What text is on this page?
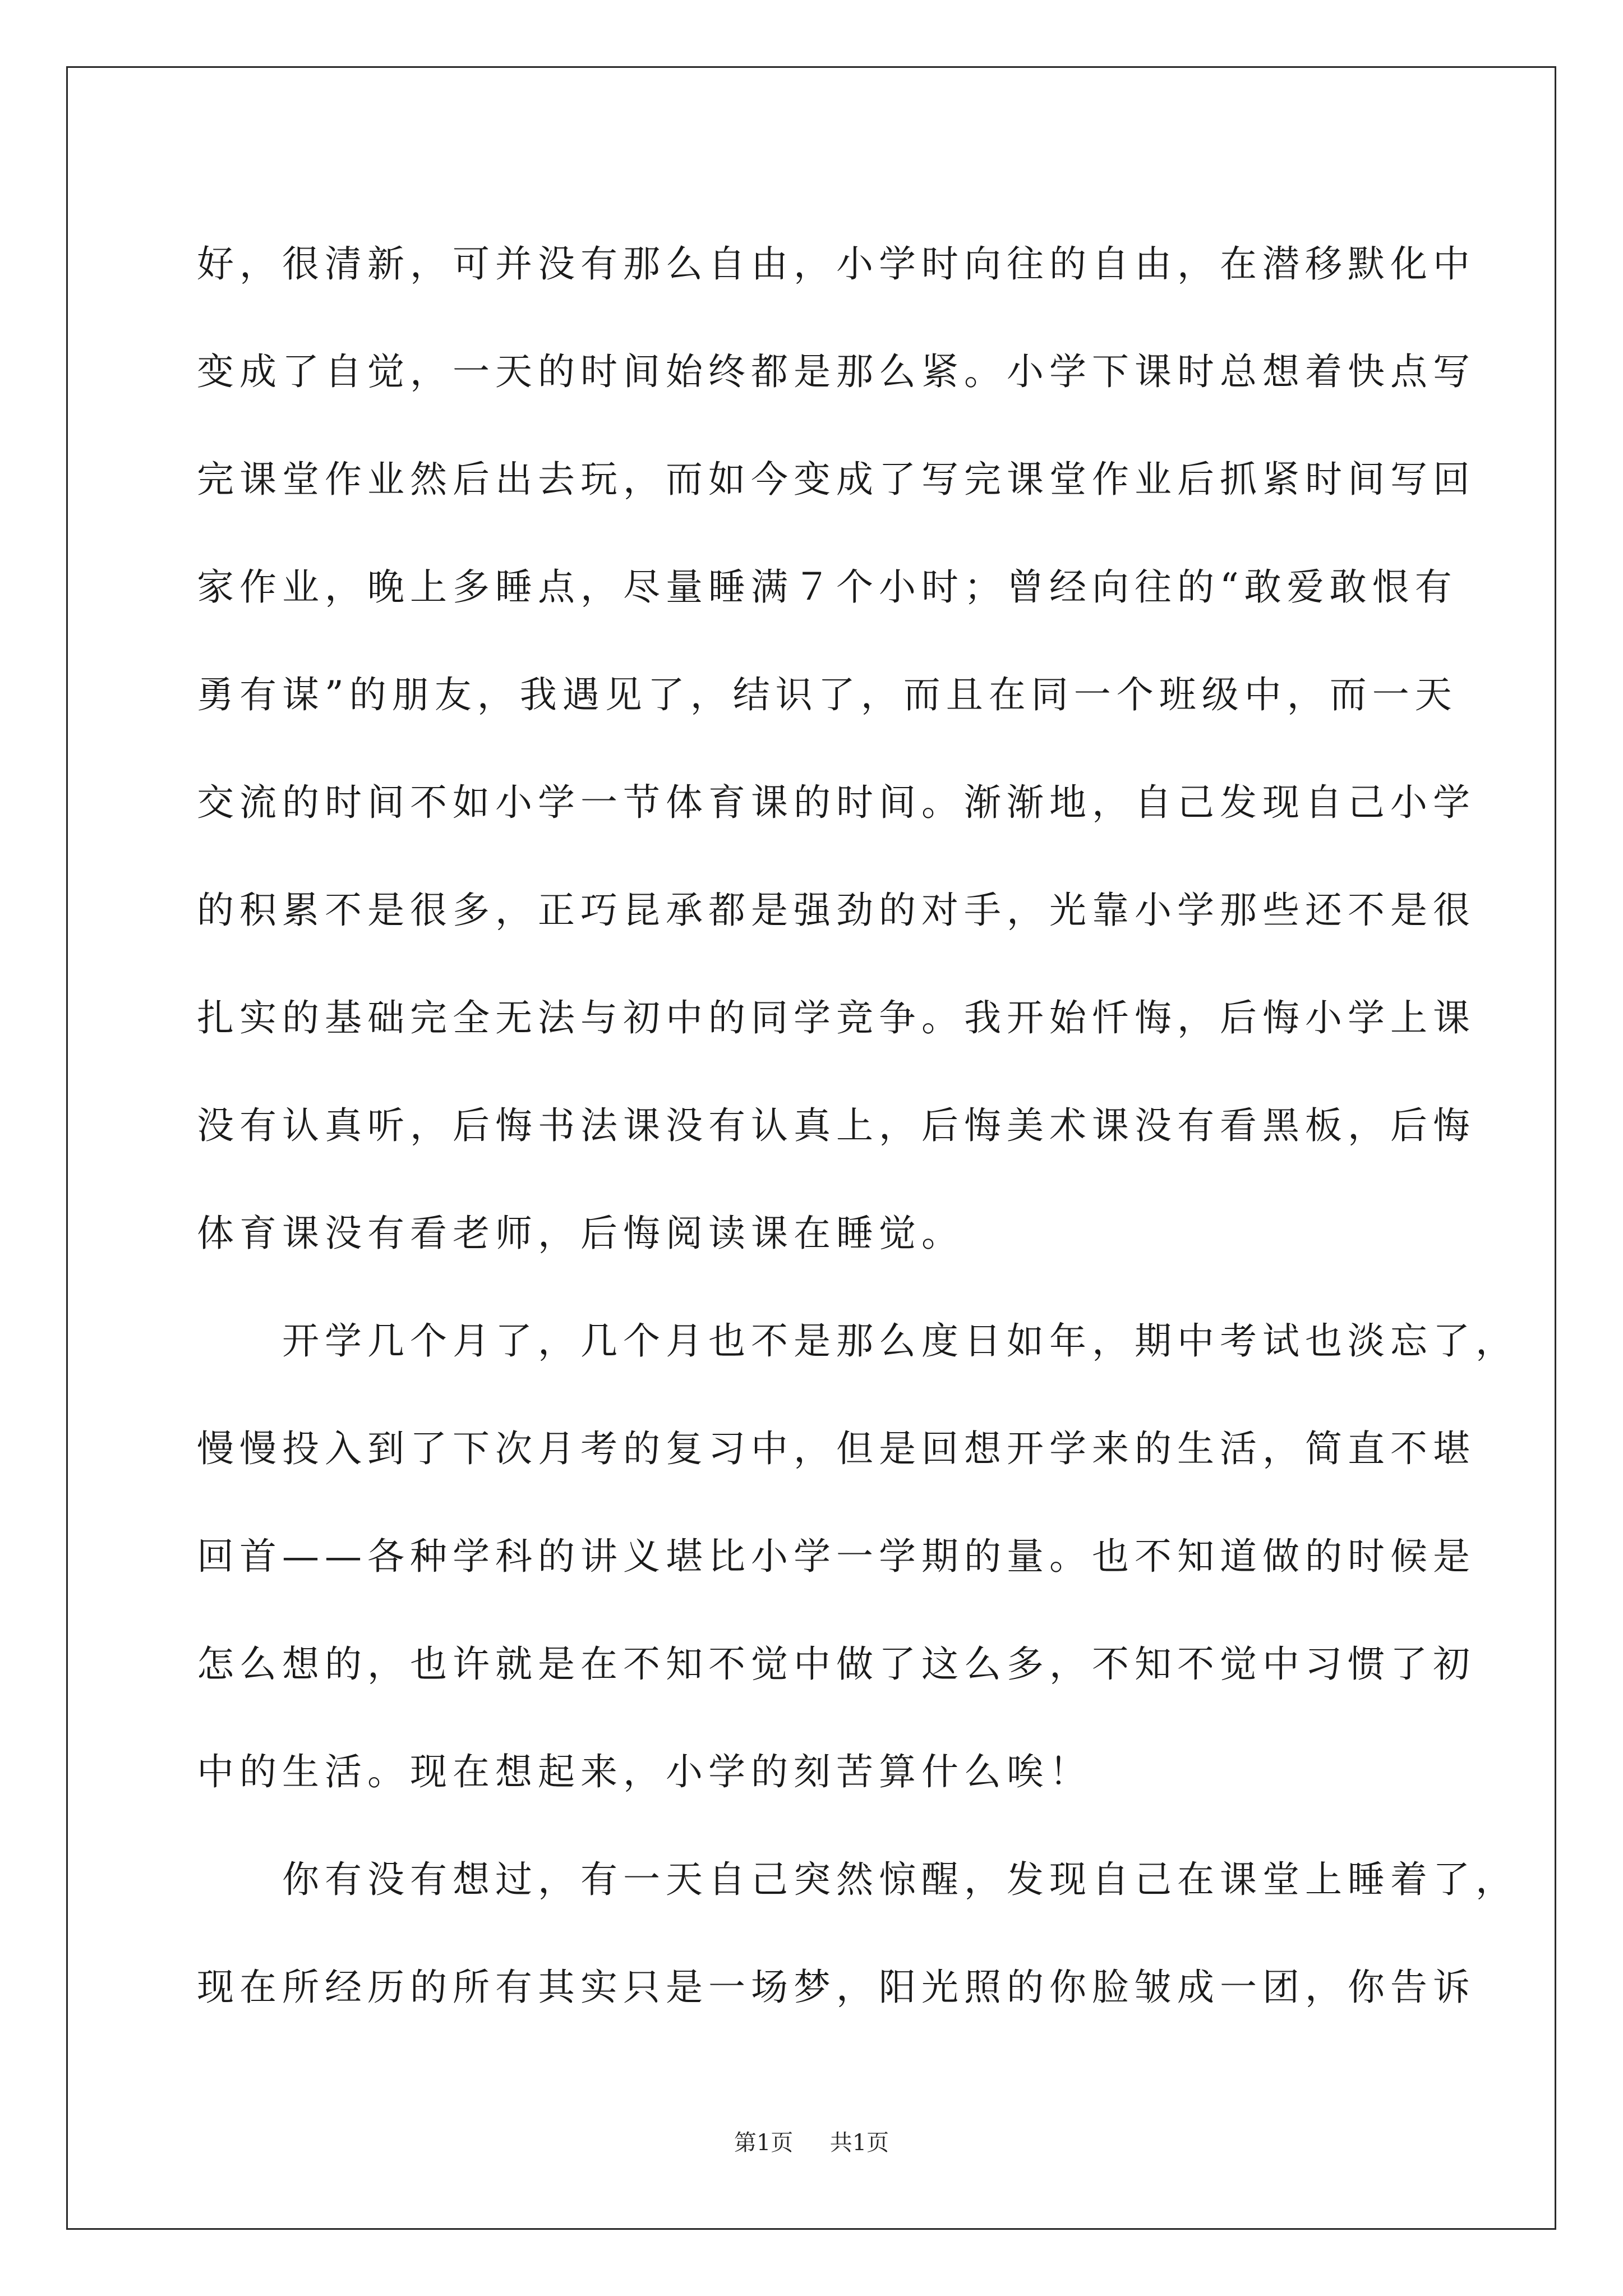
好，很清新，可并没有那么自由，小学时向往的自由，在潜移默化中
变成了自觉，一天的时间始终都是那么紧。小学下课时总想着快点写
完课堂作业然后出去玩，而如今变成了写完课堂作业后抓紧时间写回
家作业，晚上多睡点，尽量睡满７个小时；曾经向往的“敢爱敢恨有
勇有谋”的朋友，我遇见了，结识了，而且在同一个班级中，而一天
交流的时间不如小学一节体育课的时间。渐渐地，自己发现自己小学
的积累不是很多，正巧昆承都是强劲的对手，光靠小学那些还不是很
扎实的基础完全无法与初中的同学竞争。我开始忏悔，后悔小学上课
没有认真听，后悔书法课没有认真上，后悔美术课没有看黑板，后悔
体育课没有看老师，后悔阅读课在睡觉。

　　开学几个月了，几个月也不是那么度日如年，期中考试也淡忘了，
慢慢投入到了下次月考的复习中，但是回想开学来的生活，简直不堪
回首——各种学科的讲义堪比小学一学期的量。也不知道做的时候是
怎么想的，也许就是在不知不觉中做了这么多，不知不觉中习惯了初
中的生活。现在想起来，小学的刻苦算什么唉！

　　你有没有想过，有一天自己突然惊醒，发现自己在课堂上睡着了，
现在所经历的所有其实只是一场梦，阳光照的你脸皱成一团，你告诉

第1页 共1页
